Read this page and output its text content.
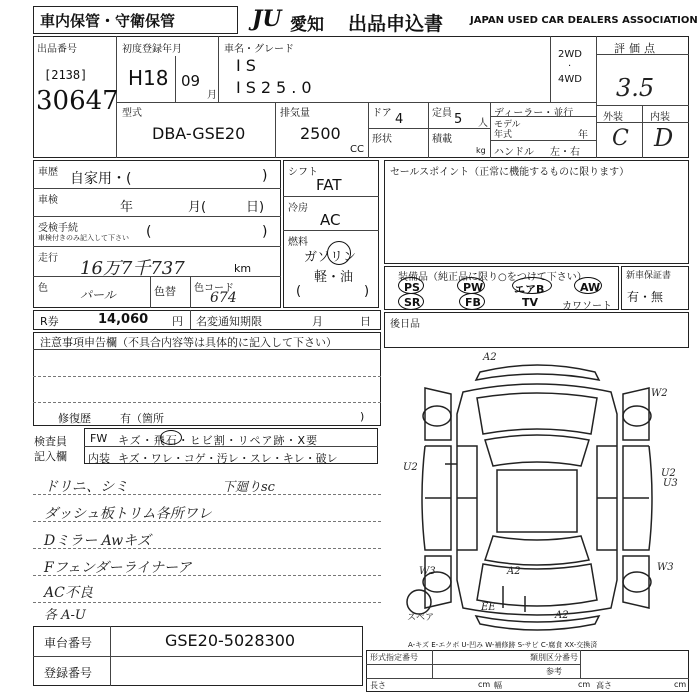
車内保管・守衛保管	JU 愛知 出品申込書	JAPAN USED CAR DEALERS ASSOCIATION
出品番号
[2138]
30647
初度登録年月
H18 09
月
車名・グレード
IS
IS25.0
2WD
·
4WD
評価点
3.5
外装	内装
C D
型式
DBA-GSE20
排気量
2500
CC
ドア 4
形状
定員 5 人
積載
kg
ディーラー・並行
モデル 年式	年
ハンドル 左・右
車歴 自家用・(	)
車検	年	月(	日)
受検手続
車検付きのみ記入して下さい (	)
走行 16万7千737	km
色	パール	色替 色コード
674
シフト
FAT
冷房
AC
燃料
ガソリン
軽・油
(	)
セールスポイント（正常に機能するものに限ります）
装備品（純正品に限り○をつけて下さい）
PS	PW	エアB	AW
SR	FB	TV カワソート
新車保証書
有・無
R券	14,060 円 名変通知期限	月	日 後日品
注意事項申告欄（不具合内容等は具体的に記入して下さい）
修復歴	有（箇所	)
検査員
記入欄
FW キズ・飛石・ヒビ割・リペア跡・X要
内装 キズ・ワレ・コゲ・汚レ・スレ・キレ・破レ
ドリニ、シミ	下廻りsc
ダッシュ板トリム各所ワレ
Dミラー Awキズ
Fフェンダーライナーア
AC不良
各 A-U
A2
W2
U2
W3
U2
U3
W3
A2
EE
A2
スペア
A-キズ E-エクボ U-凹み W-補修跡 S-サビ C-腐食 XX-交換済
車台番号	GSE20-5028300
登録番号
形式指定番号	類別区分番号
参考
長さ	cm 幅	cm 高さ	cm
